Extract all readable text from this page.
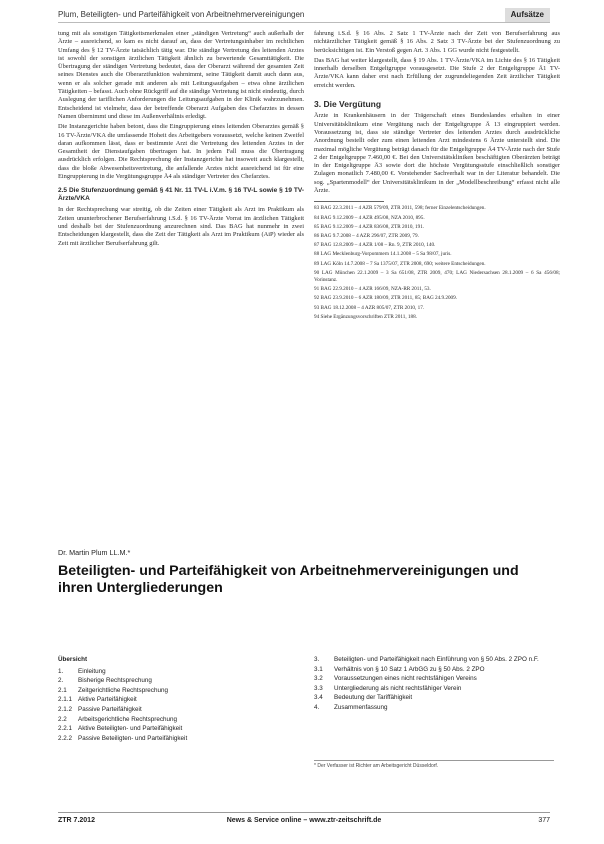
Plum, Beteiligten- und Parteifähigkeit von Arbeitnehmervereinigungen	Aufsätze

tung mit als sonstigen Tätigkeitsmerkmalen einer „ständigen Vertretung“ auch außerhalb der Ärzte – ausreichend, so kam es nicht darauf an, dass der Vertretungsinhaber im rechtlichen Umfang des § 12 TV-Ärzte tatsächlich tätig war. Die ständige Vertretung des leitenden Arztes ist sowohl der sonstigen ärztlichen Tätigkeit ähnlich zu bewertende Gesamttätigkeit. Die Übertragung der ständigen Vertretung bedeutet, dass der Oberarzt während der gesamten Zeit seines Dienstes auch die Oberarztfunktion wahrnimmt, seine Tätigkeit damit auch dann aus, wenn er als solcher gerade mit anderen als mit Leitungsaufgaben – etwa ohne ärztlichen Tätigkeiten – befasst. Auch ohne Rückgriff auf die ständige Vertretung ist nicht eindeutig, durch Auslegung der tariflichen Anforderungen die Leitungsaufgaben in der Klinik wahrzunehmen. Entscheidend ist vielmehr, dass der betreffende Oberarzt Aufgaben des Chefarztes in dessen Namen übernimmt und diese im Außenverhältnis erledigt.

Die Instanzgerichte haben betont, dass die Eingruppierung eines leitenden Oberarztes gemäß § 16 TV-Ärzte/VKA die umfassende Hoheit des Arbeitgebers voraussetzt, welche keinen Zweifel daran aufkommen lässt, dass er bestimmte Arzt die Vertretung des leitenden Arztes in der Gesamtheit der Dienstaufgaben übertragen hat. In jedem Fall muss die Übertragung ausdrücklich erfolgen. Die Rechtsprechung der Instanzgerichte hat insoweit auch klargestellt, dass die bloße Abwesenheitsvertretung, die anfallende Arztes nicht ausreichend ist für eine Eingruppierung in die Vergütungsgruppe Ä4 als ständiger Vertreter des Chefarztes.

2.5 Die Stufenzuordnung gemäß § 41 Nr. 11 TV-L i.V.m. § 16 TV-L sowie § 19 TV-Ärzte/VKA

In der Rechtsprechung war streitig, ob die Zeiten einer Tätigkeit als Arzt im Praktikum als Zeiten ununterbrochener Berufserfahrung i.S.d. § 16 TV-Ärzte Vorrat im ärztlichen Tätigkeit und deshalb bei der Stufenzuordnung anzurechnen sind. Das BAG hat nunmehr in zwei Entscheidungen klargestellt, dass die Zeit der Tätigkeit als Arzt im Praktikum (AiP) wieder als Zeit mit ärztlicher Berufserfahrung gilt.

fahrung i.S.d. § 16 Abs. 2 Satz 1 TV-Ärzte nach der Zeit von Berufserfahrung aus nichtärztlicher Tätigkeit gemäß § 16 Abs. 2 Satz 3 TV-Ärzte bei der Stufenzuordnung zu berücksichtigen ist. Ein Verstoß gegen Art. 3 Abs. 1 GG wurde nicht festgestellt.

Das BAG hat weiter klargestellt, dass § 19 Abs. 1 TV-Ärzte/VKA im Lichte des § 16 Tätigkeit innerhalb derselben Entgeltgruppe vorausgesetzt. Die Stufe 2 der Entgeltgruppe Ä1 TV-Ärzte/VKA kann daher erst nach Erfüllung der zugrundeliegenden Zeit ärztlicher Tätigkeit erreicht werden.

3. Die Vergütung

Ärzte in Krankenhäusern in der Trägerschaft eines Bundeslandes erhalten in einer Universitätsklinikum eine Vergütung nach der Entgeltgruppe Ä 13 eingruppiert werden. Voraussetzung ist, dass sie ständige Vertreter des leitenden Arztes durch ausdrückliche Anordnung bestellt oder zum einen leitenden Arzt mindestens 6 Ärzte unterstellt sind. Die maximal mögliche Vergütung beträgt danach für die Entgeltgruppe Ä4 TV-Ärzte nach der Stufe 2 der Entgeltgruppe 7.460,00 €. Bei den Universitätskliniken beschäftigten Oberärzten beträgt in der Entgeltgruppe Ä3 sowie dort die höchste Vergütungsstufe einschließlich sonstiger Zulagen monatlich 7.480,00 €. Vorstehender Sachverhalt war in der Literatur behandelt. Die sog. „Spartenmodell“ der Universitätsklinikum in der „Modellbeschreibung“ erfasst nicht alle Ärzte.

83 BAG 22.3.2011 – 4 AZR 579/09, ZTR 2011, 598; ferner Einzelentscheidungen.

84 BAG 9.12.2009 – 4 AZR 495/08, NZA 2010, 895.

85 BAG 9.12.2009 – 4 AZR 836/08, ZTR 2010, 191.

86 BAG 9.7.2008 – 4 AZR 296/07, ZTR 2009, 79.

87 BAG 12.8.2009 – 4 AZR 1/08 – Rn. 9, ZTR 2010, 140.

88 LAG Mecklenburg-Vorpommern 14.1.2008 – 5 Sa 98/07, juris.

89 LAG Köln 14.7.2008 – 7 Sa 1375/07, ZTR 2008, 690; weitere Entscheidungen.

90 LAG München 22.1.2009 – 3 Sa 651/08, ZTR 2009, 470; LAG Niedersachsen 28.1.2009 – 6 Sa 456/08; Vorinstanz.

91 BAG 22.9.2010 – 4 AZR 166/09, NZA-RR 2011, 53.

92 BAG 23.9.2010 – 6 AZR 180/09, ZTR 2011, 85; BAG 24.9.2009.

93 BAG 18.12.2008 – 4 AZR 805/07, ZTR 2010, 17.

94 Siehe Ergänzungsvorschriften ZTR 2011, 188.

Dr. Martin Plum LL.M.*
Beteiligten- und Parteifähigkeit von Arbeitnehmervereinigungen und ihren Untergliederungen
Übersicht
1.	Einleitung
2.	Bisherige Rechtsprechung
2.1	Zeitgerichtliche Rechtsprechung
2.1.1 Aktive Parteifähigkeit
2.1.2 Passive Parteifähigkeit
2.2	Arbeitsgerichtliche Rechtsprechung
2.2.1 Aktive Beteiligten- und Parteifähigkeit
2.2.2 Passive Beteiligten- und Parteifähigkeit
3.	Beteiligten- und Parteifähigkeit nach Einführung von § 50 Abs. 2 ZPO n.F.
3.1	Verhältnis von § 10 Satz 1 ArbGG zu § 50 Abs. 2 ZPO
3.2	Voraussetzungen eines nicht rechtsfähigen Vereins
3.3	Untergliederung als nicht rechtsfähiger Verein
3.4	Bedeutung der Tariffähigkeit
4.	Zusammenfassung
* Der Verfasser ist Richter am Arbeitsgericht Düsseldorf.
ZTR 7.2012	News & Service online – www.ztr-zeitschrift.de	377
